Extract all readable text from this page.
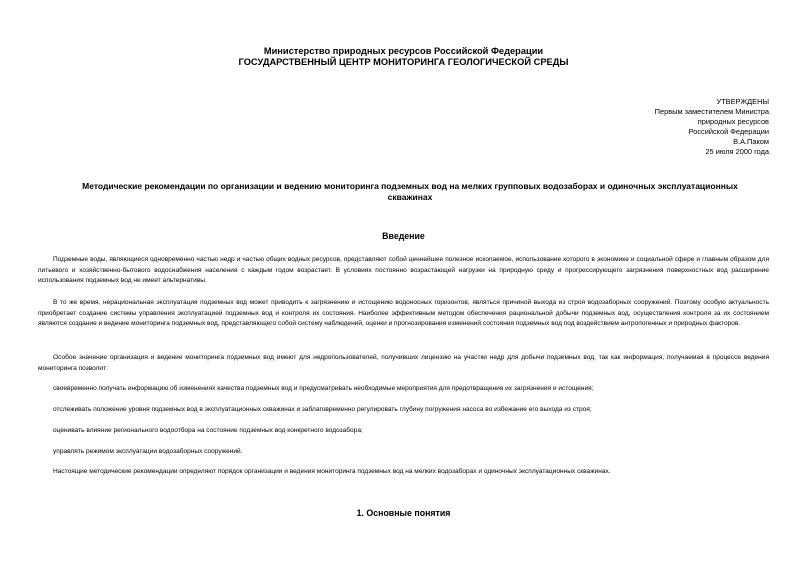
Министерство природных ресурсов Российской Федерации
ГОСУДАРСТВЕННЫЙ ЦЕНТР МОНИТОРИНГА ГЕОЛОГИЧЕСКОЙ СРЕДЫ
УТВЕРЖДЕНЫ
Первым заместителем Министра
природных ресурсов
Российской Федерации
В.А.Паком
25 июля 2000 года
Методические рекомендации по организации и ведению мониторинга подземных вод на мелких групповых водозаборах и одиночных эксплуатационных скважинах
Введение
Подземные воды, являющиеся одновременно частью недр и частью общих водных ресурсов, представляют собой ценнейшее полезное ископаемое, использование которого в экономике и социальной сфере и главным образом для питьевого и хозяйственно-бытового водоснабжения населения с каждым годом возрастает. В условиях постоянно возрастающей нагрузки на природную среду и прогрессирующего загрязнения поверхностных вод расширение использования подземных вод не имеет альтернативы.
В то же время, нерациональная эксплуатация подземных вод может приводить к загрязнению и истощению водоносных горизонтов, являться причиной выхода из строя водозаборных сооружений. Поэтому особую актуальность приобретает создание системы управления эксплуатацией подземных вод и контроля их состояния. Наиболее эффективным методом обеспечения рациональной добычи подземных вод, осуществления контроля за их состоянием являются создание и ведение мониторинга подземных вод, представляющего собой систему наблюдений, оценки и прогнозирования изменений состояния подземных вод под воздействием антропогенных и природных факторов.
Особое значение организация и ведение мониторинга подземных вод имеют для недропользователей, получивших лицензию на участки недр для добычи подземных вод, так как информация, получаемая в процессе ведения мониторинга позволит:
своевременно получать информацию об изменениях качества подземных вод и предусматривать необходимые мероприятия для предотвращения их загрязнения и истощения;
отслеживать положение уровня подземных вод в эксплуатационных скважинах и заблаговременно регулировать глубину погружения насоса во избежание его выхода из строя;
оценивать влияние регионального водоотбора на состояние подземных вод конкретного водозабора;
управлять режимом эксплуатации водозаборных сооружений.
Настоящие методические рекомендации определяют порядок организации и ведения мониторинга подземных вод на мелких водозаборах и одиночных эксплуатационных скважинах.
1. Основные понятия
